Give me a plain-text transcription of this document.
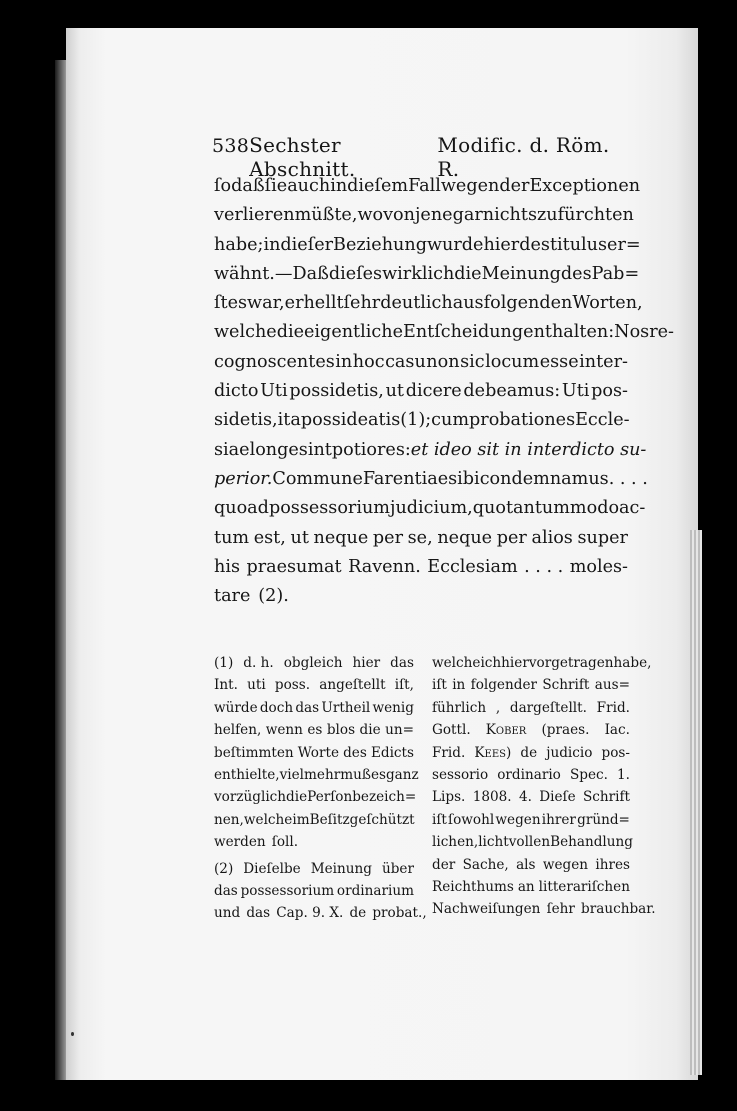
538 Sechster Abschnitt.
Modific. d. Röm. R.
ſo daß ſie auch in dieſem Fall wegen der Exceptionen
verlieren müßte, wovon jene gar nichts zu fürchten
habe; in dieſer Beziehung wurde hier des titulus er=
wähnt. — Daß dieſes wirklich die Meinung des Pab=
ſtes war, erhellt ſehr deutlich aus folgenden Worten,
welche die eigentliche Entſcheidung enthalten: Nos re-
cognoscentes in hoc casu non sic locum esse inter-
dicto Uti possidetis, ut dicere debeamus: Uti pos-
sidetis, ita possideatis (1); cum probationes Eccle-
siae longe sint potiores: et ideo sit in interdicto su-
perior. Commune Farentiae sibi condemnamus . . . .
quoad possessorium judicium, quo tantummodo ac-
tum est, ut neque per se, neque per alios super
his praesumat Ravenn. Ecclesiam . . . . moles-
tare (2).
(1) d. h. obgleich hier das
Int. uti poss. angeſtellt iſt,
würde doch das Urtheil wenig
helfen, wenn es blos die un=
beſtimmten Worte des Edicts
enthielte, vielmehr muß es ganz
vorzüglich die Perſon bezeich=
nen, welche im Beſitz geſchützt
werden ſoll.
(2) Dieſelbe Meinung über
das possessorium ordinarium
und das Cap. 9. X. de probat.,
welche ich hier vorgetragen habe,
iſt in folgender Schrift aus=
führlich , dargeſtellt. Frid.
Gottl. Kober (praes. Iac.
Frid. Kees) de judicio pos-
sessorio ordinario Spec. 1.
Lips. 1808. 4. Dieſe Schrift
iſt ſowohl wegen ihrer gründ=
lichen, lichtvollen Behandlung
der Sache, als wegen ihres
Reichthums an litterariſchen
Nachweiſungen ſehr brauchbar.
